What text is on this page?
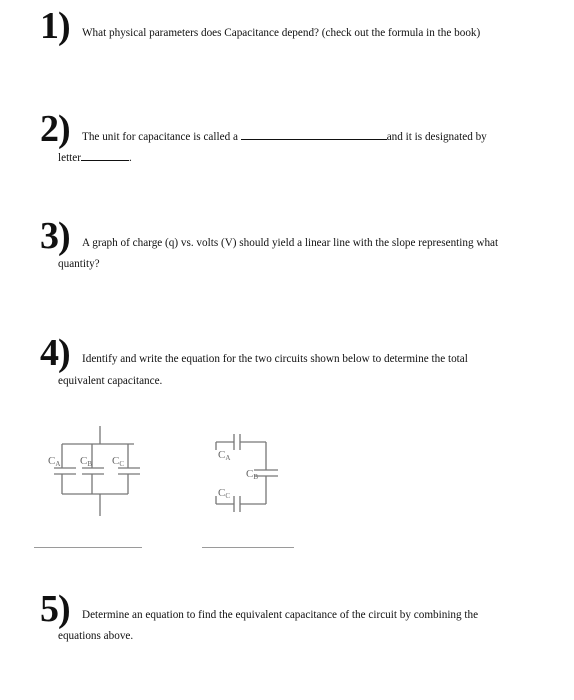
1) What physical parameters does Capacitance depend? (check out the formula in the book)
2) The unit for capacitance is called a	and it is designated by
letter	.
3) A graph of charge (q) vs. volts (V) should yield a linear line with the slope representing what
quantity?
4) Identify and write the equation for the two circuits shown below to determine the total
equivalent capacitance.
CA CB CC
CA
CB
CC
5) Determine an equation to find the equivalent capacitance of the circuit by combining the
equations above.
